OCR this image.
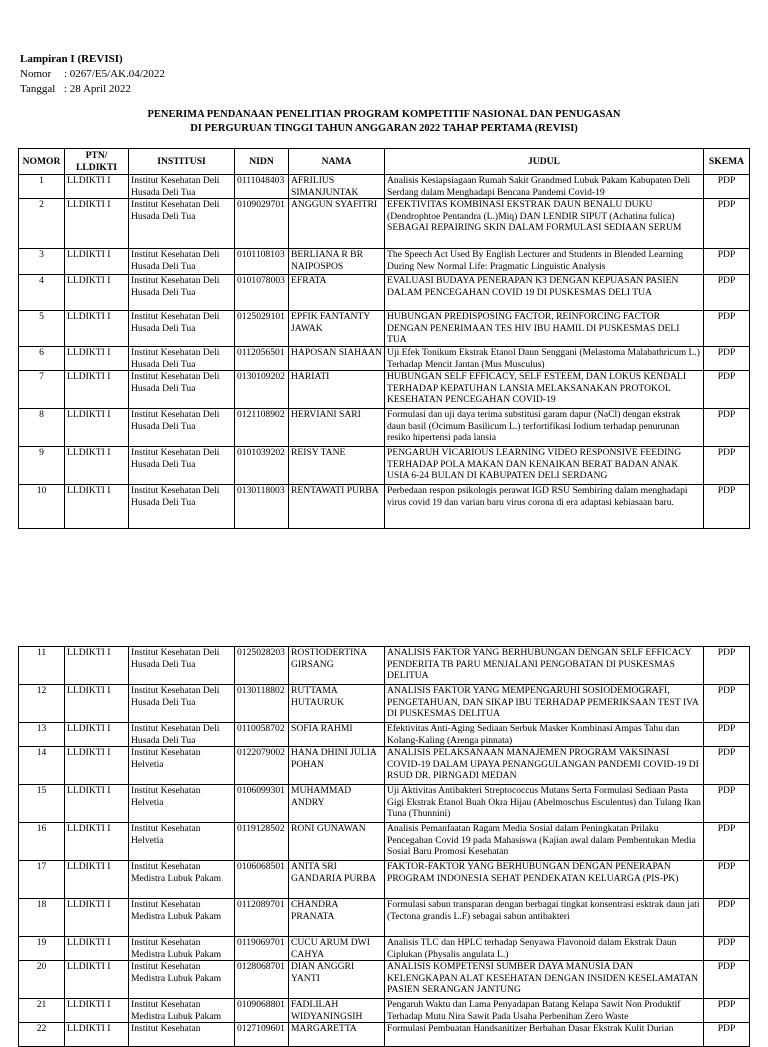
Lampiran I (REVISI)
Nomor	: 0267/E5/AK.04/2022
Tanggal : 28 April 2022
PENERIMA PENDANAAN PENELITIAN PROGRAM KOMPETITIF NASIONAL DAN PENUGASAN
DI PERGURUAN TINGGI TAHUN ANGGARAN 2022 TAHAP PERTAMA (REVISI)
NOMOR	PTN/ LLDIKTI	INSTITUSI	NIDN	NAMA	JUDUL	SKEMA
1	LLDIKTI I	Institut Kesehatan Deli Husada Deli Tua	0111048403	AFRILIUS SIMANJUNTAK	Analisis Kesiapsiagaan Rumah Sakit Grandmed Lubuk Pakam Kabupaten Deli Serdang dalam Menghadapi Bencana Pandemi Covid-19	PDP
2	LLDIKTI I	Institut Kesehatan Deli Husada Deli Tua	0109029701	ANGGUN SYAFITRI	EFEKTIVITAS KOMBINASI EKSTRAK DAUN BENALU DUKU (Dendrophtoe Pentandra (L.)Miq) DAN LENDIR SIPUT (Achatina fulica) SEBAGAI REPAIRING SKIN DALAM FORMULASI SEDIAAN SERUM	PDP
3	LLDIKTI I	Institut Kesehatan Deli Husada Deli Tua	0101108103	BERLIANA R BR NAIPOSPOS	The Speech Act Used By English Lecturer and Students in Blended Learning During New Normal Life: Pragmatic Linguistic Analysis	PDP
4	LLDIKTI I	Institut Kesehatan Deli Husada Deli Tua	0101078003	EFRATA	EVALUASI BUDAYA PENERAPAN K3 DENGAN KEPUASAN PASIEN DALAM PENCEGAHAN COVID 19 DI PUSKESMAS DELI TUA	PDP
5	LLDIKTI I	Institut Kesehatan Deli Husada Deli Tua	0125029101	EPFIK FANTANTY JAWAK	HUBUNGAN PREDISPOSING FACTOR, REINFORCING FACTOR DENGAN PENERIMAAN TES HIV IBU HAMIL DI PUSKESMAS DELI TUA	PDP
6	LLDIKTI I	Institut Kesehatan Deli Husada Deli Tua	0112056501	HAPOSAN SIAHAAN	Uji Efek Tonikum Ekstrak Etanol Daun Senggani (Melastoma Malabathricum L.) Terhadap Mencit Jantan (Mus Musculus)	PDP
7	LLDIKTI I	Institut Kesehatan Deli Husada Deli Tua	0130109202	HARIATI	HUBUNGAN SELF EFFICACY, SELF ESTEEM, DAN LOKUS KENDALI TERHADAP KEPATUHAN LANSIA MELAKSANAKAN PROTOKOL KESEHATAN PENCEGAHAN COVID-19	PDP
8	LLDIKTI I	Institut Kesehatan Deli Husada Deli Tua	0121108902	HERVIANI SARI	Formulasi dan uji daya terima substitusi garam dapur (NaCl) dengan ekstrak daun basil (Ocimum Basilicum L.) terfortifikasi Iodium terhadap penurunan resiko hipertensi pada lansia	PDP
9	LLDIKTI I	Institut Kesehatan Deli Husada Deli Tua	0101039202	REISY TANE	PENGARUH VICARIOUS LEARNING VIDEO RESPONSIVE FEEDING TERHADAP POLA MAKAN DAN KENAIKAN BERAT BADAN ANAK USIA 6-24 BULAN DI KABUPATEN DELI SERDANG	PDP
10	LLDIKTI I	Institut Kesehatan Deli Husada Deli Tua	0130118003	RENTAWATI PURBA	Perbedaan respon psikologis perawat IGD RSU Sembiring dalam menghadapi virus covid 19 dan varian baru virus corona di era adaptasi kebiasaan baru.	PDP
11	LLDIKTI I	Institut Kesehatan Deli Husada Deli Tua	0125028203	ROSTIODERTINA GIRSANG	ANALISIS FAKTOR YANG BERHUBUNGAN DENGAN SELF EFFICACY PENDERITA TB PARU MENJALANI PENGOBATAN DI PUSKESMAS DELITUA	PDP
12	LLDIKTI I	Institut Kesehatan Deli Husada Deli Tua	0130118802	RUTTAMA HUTAURUK	ANALISIS FAKTOR YANG MEMPENGARUHI SOSIODEMOGRAFI, PENGETAHUAN, DAN SIKAP IBU TERHADAP PEMERIKSAAN TEST IVA DI PUSKESMAS DELITUA	PDP
13	LLDIKTI I	Institut Kesehatan Deli Husada Deli Tua	0110058702	SOFIA RAHMI	Efektivitas Anti-Aging Sediaan Serbuk Masker Kombinasi Ampas Tahu dan Kolang-Kaling (Arenga pinnata)	PDP
14	LLDIKTI I	Institut Kesehatan Helvetia	0122079002	HANA DHINI JULIA POHAN	ANALISIS PELAKSANAAN MANAJEMEN PROGRAM VAKSINASI COVID-19 DALAM UPAYA PENANGGULANGAN PANDEMI COVID-19 DI RSUD DR. PIRNGADI MEDAN	PDP
15	LLDIKTI I	Institut Kesehatan Helvetia	0106099301	MUHAMMAD ANDRY	Uji Aktivitas Antibakteri Streptococcus Mutans Serta Formulasi Sediaan Pasta Gigi Ekstrak Etanol Buah Okra Hijau (Abelmoschus Esculentus) dan Tulang Ikan Tuna (Thunnini)	PDP
16	LLDIKTI I	Institut Kesehatan Helvetia	0119128502	RONI GUNAWAN	Analisis Pemanfaatan Ragam Media Sosial dalam Peningkatan Prilaku Pencegahan Covid 19 pada Mahasiswa (Kajian awal dalam Pembentukan Media Sosial Baru Promosi Kesehatan	PDP
17	LLDIKTI I	Institut Kesehatan Medistra Lubuk Pakam	0106068501	ANITA SRI GANDARIA PURBA	FAKTOR-FAKTOR YANG BERHUBUNGAN DENGAN PENERAPAN PROGRAM INDONESIA SEHAT PENDEKATAN KELUARGA (PIS-PK)	PDP
18	LLDIKTI I	Institut Kesehatan Medistra Lubuk Pakam	0112089701	CHANDRA PRANATA	Formulasi sabun transparan dengan berbagai tingkat konsentrasi esktrak daun jati (Tectona grandis L.F) sebagai sabun antibakteri	PDP
19	LLDIKTI I	Institut Kesehatan Medistra Lubuk Pakam	0119069701	CUCU ARUM DWI CAHYA	Analisis TLC dan HPLC terhadap Senyawa Flavonoid dalam Ekstrak Daun Ciplukan (Physalis angulata L.)	PDP
20	LLDIKTI I	Institut Kesehatan Medistra Lubuk Pakam	0128068701	DIAN ANGGRI YANTI	ANALISIS KOMPETENSI SUMBER DAYA MANUSIA DAN KELENGKAPAN ALAT KESEHATAN DENGAN INSIDEN KESELAMATAN PASIEN SERANGAN JANTUNG	PDP
21	LLDIKTI I	Institut Kesehatan Medistra Lubuk Pakam	0109068801	FADLILAH WIDYANINGSIH	Pengaruh Waktu dan Lama Penyadapan Batang Kelapa Sawit Non Produktif Terhadap Mutu Nira Sawit Pada Usaha Perbenihan Zero Waste	PDP
22	LLDIKTI I	Institut Kesehatan	0127109601	MARGARETTA	Formulasi Pembuatan Handsanitizer Berbahan Dasar Ekstrak Kulit Durian	PDP
